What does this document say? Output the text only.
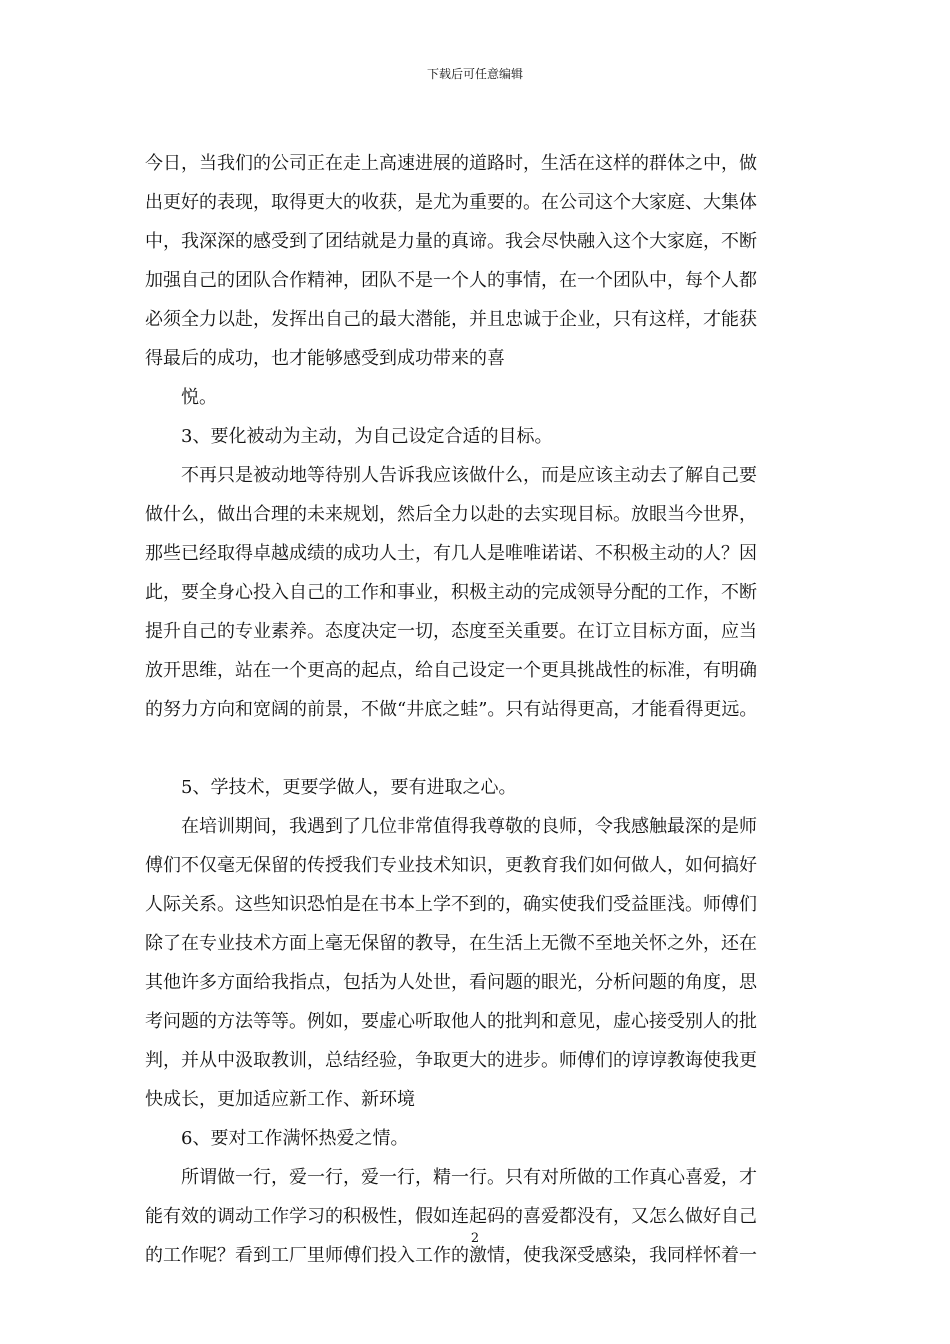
下载后可任意编辑
今日，当我们的公司正在走上高速进展的道路时，生活在这样的群体之中，做
出更好的表现，取得更大的收获，是尤为重要的。在公司这个大家庭、大集体
中，我深深的感受到了团结就是力量的真谛。我会尽快融入这个大家庭，不断
加强自己的团队合作精神，团队不是一个人的事情，在一个团队中，每个人都
必须全力以赴，发挥出自己的最大潜能，并且忠诚于企业，只有这样，才能获
得最后的成功，也才能够感受到成功带来的喜
悦。
3、要化被动为主动，为自己设定合适的目标。
不再只是被动地等待别人告诉我应该做什么，而是应该主动去了解自己要
做什么，做出合理的未来规划，然后全力以赴的去实现目标。放眼当今世界，
那些已经取得卓越成绩的成功人士，有几人是唯唯诺诺、不积极主动的人？因
此，要全身心投入自己的工作和事业，积极主动的完成领导分配的工作，不断
提升自己的专业素养。态度决定一切，态度至关重要。在订立目标方面，应当
放开思维，站在一个更高的起点，给自己设定一个更具挑战性的标准，有明确
的努力方向和宽阔的前景，不做“井底之蛙”。只有站得更高，才能看得更远。
5、学技术，更要学做人，要有进取之心。
在培训期间，我遇到了几位非常值得我尊敬的良师，令我感触最深的是师
傅们不仅毫无保留的传授我们专业技术知识，更教育我们如何做人，如何搞好
人际关系。这些知识恐怕是在书本上学不到的，确实使我们受益匪浅。师傅们
除了在专业技术方面上毫无保留的教导，在生活上无微不至地关怀之外，还在
其他许多方面给我指点，包括为人处世，看问题的眼光，分析问题的角度，思
考问题的方法等等。例如，要虚心听取他人的批判和意见，虚心接受别人的批
判，并从中汲取教训，总结经验，争取更大的进步。师傅们的谆谆教诲使我更
快成长，更加适应新工作、新环境
6、要对工作满怀热爱之情。
所谓做一行，爱一行，爱一行，精一行。只有对所做的工作真心喜爱，才
能有效的调动工作学习的积极性，假如连起码的喜爱都没有，又怎么做好自己
的工作呢？看到工厂里师傅们投入工作的激情，使我深受感染，我同样怀着一
2
